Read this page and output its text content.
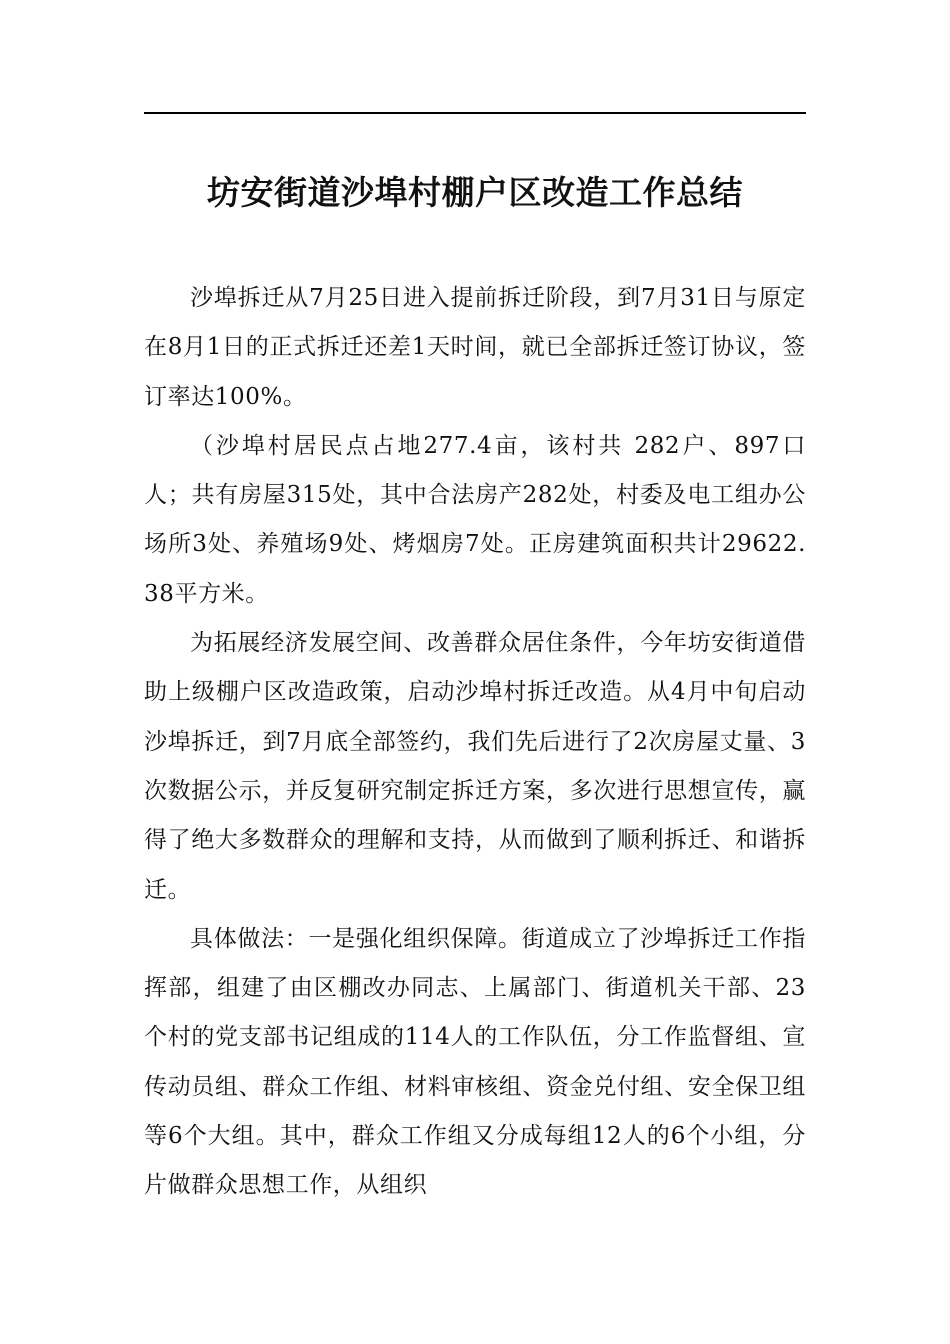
坊安街道沙埠村棚户区改造工作总结

沙埠拆迁从7月25日进入提前拆迁阶段，到7月31日与原定在8月1日的正式拆迁还差1天时间，就已全部拆迁签订协议，签订率达100%。

（沙埠村居民点占地277.4亩，该村共 282户、897口人；共有房屋315处，其中合法房产282处，村委及电工组办公场所3处、养殖场9处、烤烟房7处。正房建筑面积共计29622.38平方米。

为拓展经济发展空间、改善群众居住条件，今年坊安街道借助上级棚户区改造政策，启动沙埠村拆迁改造。从4月中旬启动沙埠拆迁，到7月底全部签约，我们先后进行了2次房屋丈量、3次数据公示，并反复研究制定拆迁方案，多次进行思想宣传，赢得了绝大多数群众的理解和支持，从而做到了顺利拆迁、和谐拆迁。

具体做法：一是强化组织保障。街道成立了沙埠拆迁工作指挥部，组建了由区棚改办同志、上属部门、街道机关干部、23个村的党支部书记组成的114人的工作队伍，分工作监督组、宣传动员组、群众工作组、材料审核组、资金兑付组、安全保卫组等6个大组。其中，群众工作组又分成每组12人的6个小组，分片做群众思想工作，从组织
